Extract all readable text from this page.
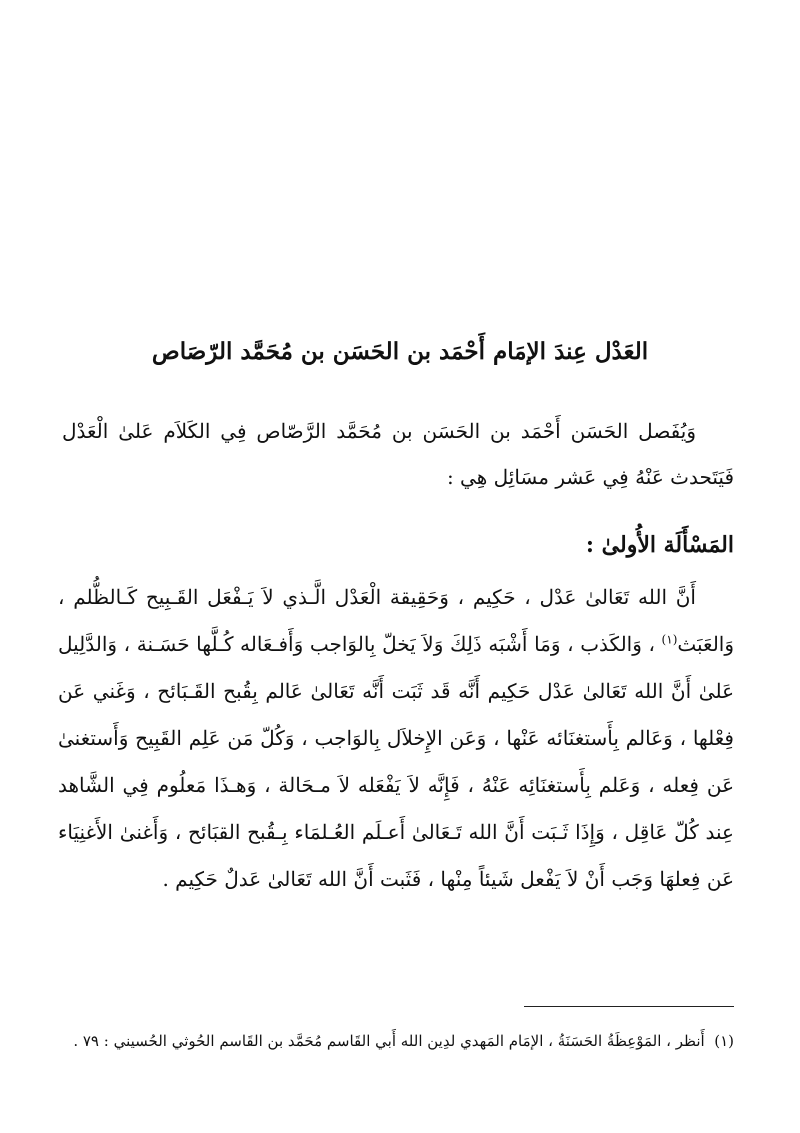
العَدْل عِندَ الإمَام أَحْمَد بن الحَسَن بن مُحَمَّد الرّصَاص

وَيُفَصل الحَسَن أَحْمَد بن الحَسَن بن مُحَمَّد الرَّصّاص فِي الكَلاَم عَلىٰ الْعَدْل فَيَتَحدث عَنْهُ فِي عَشر مسَائِل هِي :

المَسْأَلَة الأُولىٰ :

أَنَّ الله تَعَالىٰ عَدْل ، حَكِيم ، وَحَقِيقة الْعَدْل الَّـذي لاَ يَـفْعَل القَـبِيح كَـالظُّلم ، وَالعَبَث$^{(١)}$ ، وَالكَذب ، وَمَا أَشْبَه ذَلِكَ وَلاَ يَخلّ بِالوَاجب وَأَفـعَاله كُـلَّها حَسَـنة ، وَالدَّلِيل عَلىٰ أَنَّ الله تَعَالىٰ عَدْل حَكِيم أَنَّه قَد ثَبَت أَنَّه تَعَالىٰ عَالم بِقُبح القَـبَائح ، وَغَني عَن فِعْلها ، وَعَالم بِأَستغنَائه عَنْها ، وَعَن الإِخلاَل بِالوَاجب ، وَكُلّ مَن عَلِم القَبِيح وَأَستغنىٰ عَن فِعله ، وَعَلم بِأَستغنَائِه عَنْهُ ، فَإِنَّه لاَ يَفْعَله لاَ مـحَالة ، وَهـذَا مَعلُوم فِي الشَّاهد عِند كُلّ عَاقِل ، وَإِذَا ثَـبَت أَنَّ الله تَـعَالىٰ أَعـلَم العُـلمَاء بِـقُبح القبَائح ، وَأَغنىٰ الأَغنِيَاء عَن فِعلهَا وَجَب أَنْ لاَ يَفْعل شَيئاً مِنْها ، فَثَبت أَنَّ الله تَعَالىٰ عَدلٌ حَكِيم .

(١)  أَنظر ، المَوْعِظَةُ الحَسَنَةُ ، الإمَام المَهدي لدِين الله أَبي القَاسم مُحَمَّد بن القَاسم الحُوثي الحُسيني : ٧٩ .
